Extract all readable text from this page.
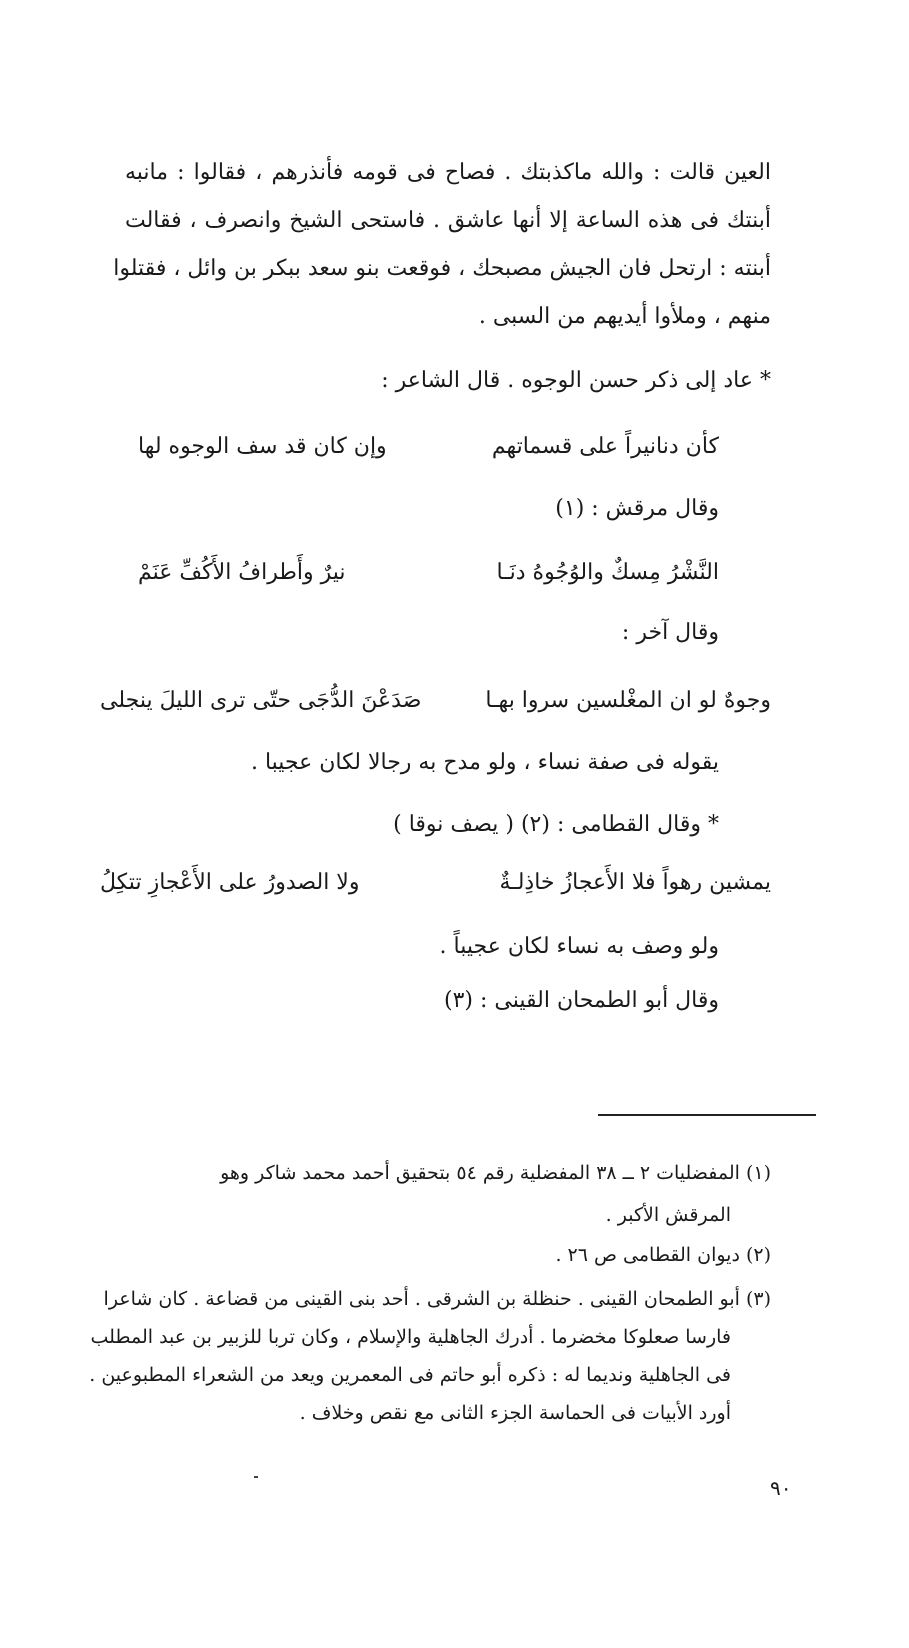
العين قالت : والله ماكذبتك . فصاح فى قومه فأنذرهم ، فقالوا : مانبه
أبنتك فى هذه الساعة إلا أنها عاشق . فاستحى الشيخ وانصرف ، فقالت
أبنته : ارتحل فان الجيش مصبحك ، فوقعت بنو سعد ببكر بن وائل ، فقتلوا
منهم ، وملأوا أيديهم من السبى .
* عاد إلى ذكر حسن الوجوه . قال الشاعر :
كأن دنانيراً على قسماتهم
وإن كان قد سف الوجوه لها
وقال مرقش : (١)
النَّشْرُ مِسكٌ والوُجُوهُ دنَـا
نيرٌ وأَطرافُ الأَكُفِّ عَنَمْ
وقال آخر :
وجوهٌ لو ان المغْلسين سروا بهـا
صَدَعْنَ الدُّجَى حتّى ترى الليلَ ينجلى
يقوله فى صفة نساء ، ولو مدح به رجالا لكان عجيبا .
* وقال القطامى : (٢) ( يصف نوقا )
يمشين رهواً فلا الأَعجازُ خاذِلـةٌ
ولا الصدورُ على الأَعْجازِ تتكِلُ
ولو وصف به نساء لكان عجيباً .
وقال أبو الطمحان القينى : (٣)
(١)المفضليات ٢ ــ ٣٨ المفضلية رقم ٥٤ بتحقيق أحمد محمد شاكر وهو
المرقش الأكبر .
(٢)ديوان القطامى ص ٢٦ .
(٣)أبو الطمحان القينى . حنظلة بن الشرقى . أحد بنى القينى من قضاعة . كان شاعرا
فارسا صعلوكا مخضرما . أدرك الجاهلية والإسلام ، وكان تربا للزبير بن عبد المطلب
فى الجاهلية ونديما له : ذكره أبو حاتم فى المعمرين ويعد من الشعراء المطبوعين .
أورد الأبيات فى الحماسة الجزء الثانى مع نقص وخلاف .
٩٠
